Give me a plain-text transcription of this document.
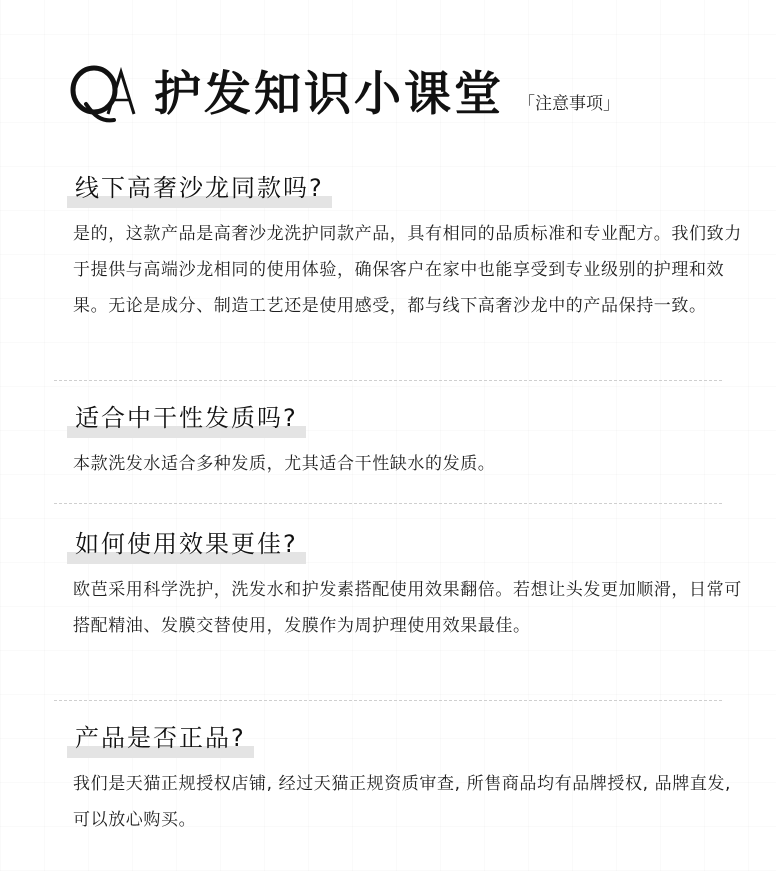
护发知识小课堂 「注意事项」
线下高奢沙龙同款吗?
是的，这款产品是高奢沙龙洗护同款产品，具有相同的品质标准和专业配方。我们致力于提供与高端沙龙相同的使用体验，确保客户在家中也能享受到专业级别的护理和效果。无论是成分、制造工艺还是使用感受，都与线下高奢沙龙中的产品保持一致。
适合中干性发质吗?
本款洗发水适合多种发质，尤其适合干性缺水的发质。
如何使用效果更佳?
欧芭采用科学洗护，洗发水和护发素搭配使用效果翻倍。若想让头发更加顺滑，日常可搭配精油、发膜交替使用，发膜作为周护理使用效果最佳。
产品是否正品?
我们是天猫正规授权店铺, 经过天猫正规资质审查, 所售商品均有品牌授权, 品牌直发, 可以放心购买。
